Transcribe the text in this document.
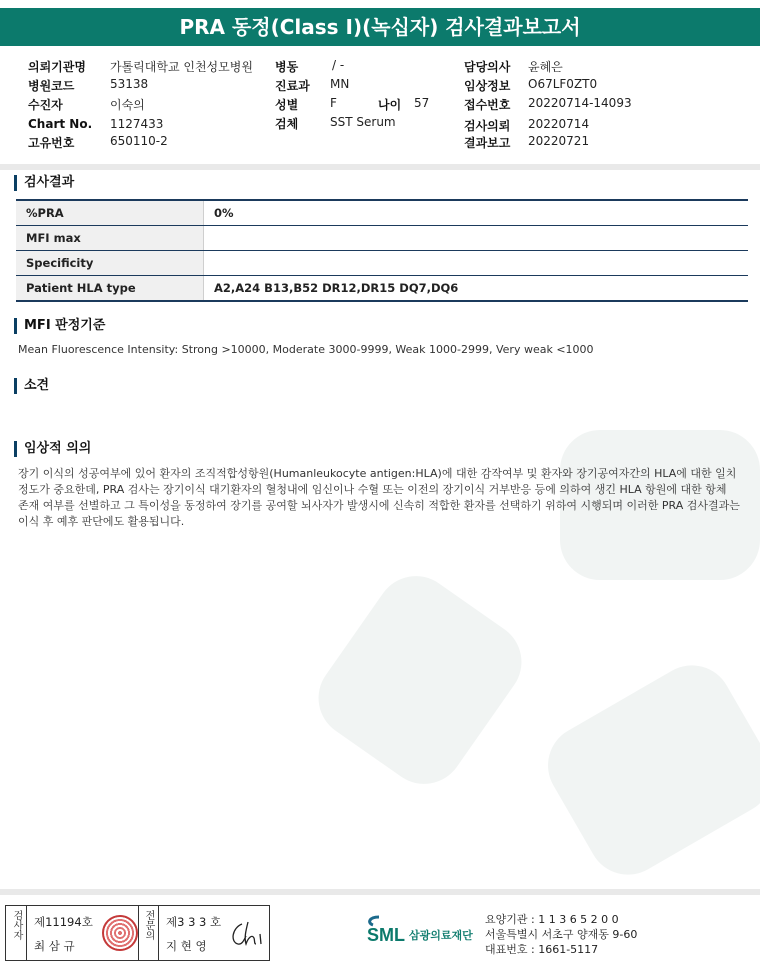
PRA 동정(Class I)(녹십자) 검사결과보고서
의뢰기관명 가톨릭대학교 인천성모병원
병원코드	53138
수진자	이숙의
Chart No. 1127433
고유번호	650110-2
병동	/ -
진료과 MN
성별	F	나이 57
검체	SST Serum
담당의사 윤혜은
임상정보 O67LF0ZT0
접수번호 20220714-14093
검사의뢰 20220714
결과보고 20220721
검사결과
%PRA	0%
MFI max	
Specificity	
Patient HLA type	A2,A24 B13,B52 DR12,DR15 DQ7,DQ6
MFI 판정기준
Mean Fluorescence Intensity: Strong >10000, Moderate 3000-9999, Weak 1000-2999, Very weak <1000
소견
임상적 의의
장기 이식의 성공여부에 있어 환자의 조직적합성항원(Humanleukocyte antigen:HLA)에 대한 감작여부 및 환자와 장기공여자간의 HLA에 대한 일치
정도가 중요한데, PRA 검사는 장기이식 대기환자의 혈청내에 임신이나 수혈 또는 이전의 장기이식 거부반응 등에 의하여 생긴 HLA 항원에 대한 항체
존재 여부를 선별하고 그 특이성을 동정하여 장기를 공여할 뇌사자가 발생시에 신속히 적합한 환자를 선택하기 위하여 시행되며 이러한 PRA 검사결과는
이식 후 예후 판단에도 활용됩니다.
검사자 제11194호
최 삼 규
전문의 제3 3 3 호
지 현 영
SML 삼광의료재단
요양기관 : 1 1 3 6 5 2 0 0
서울특별시 서초구 양재동 9-60
대표번호 : 1661-5117
